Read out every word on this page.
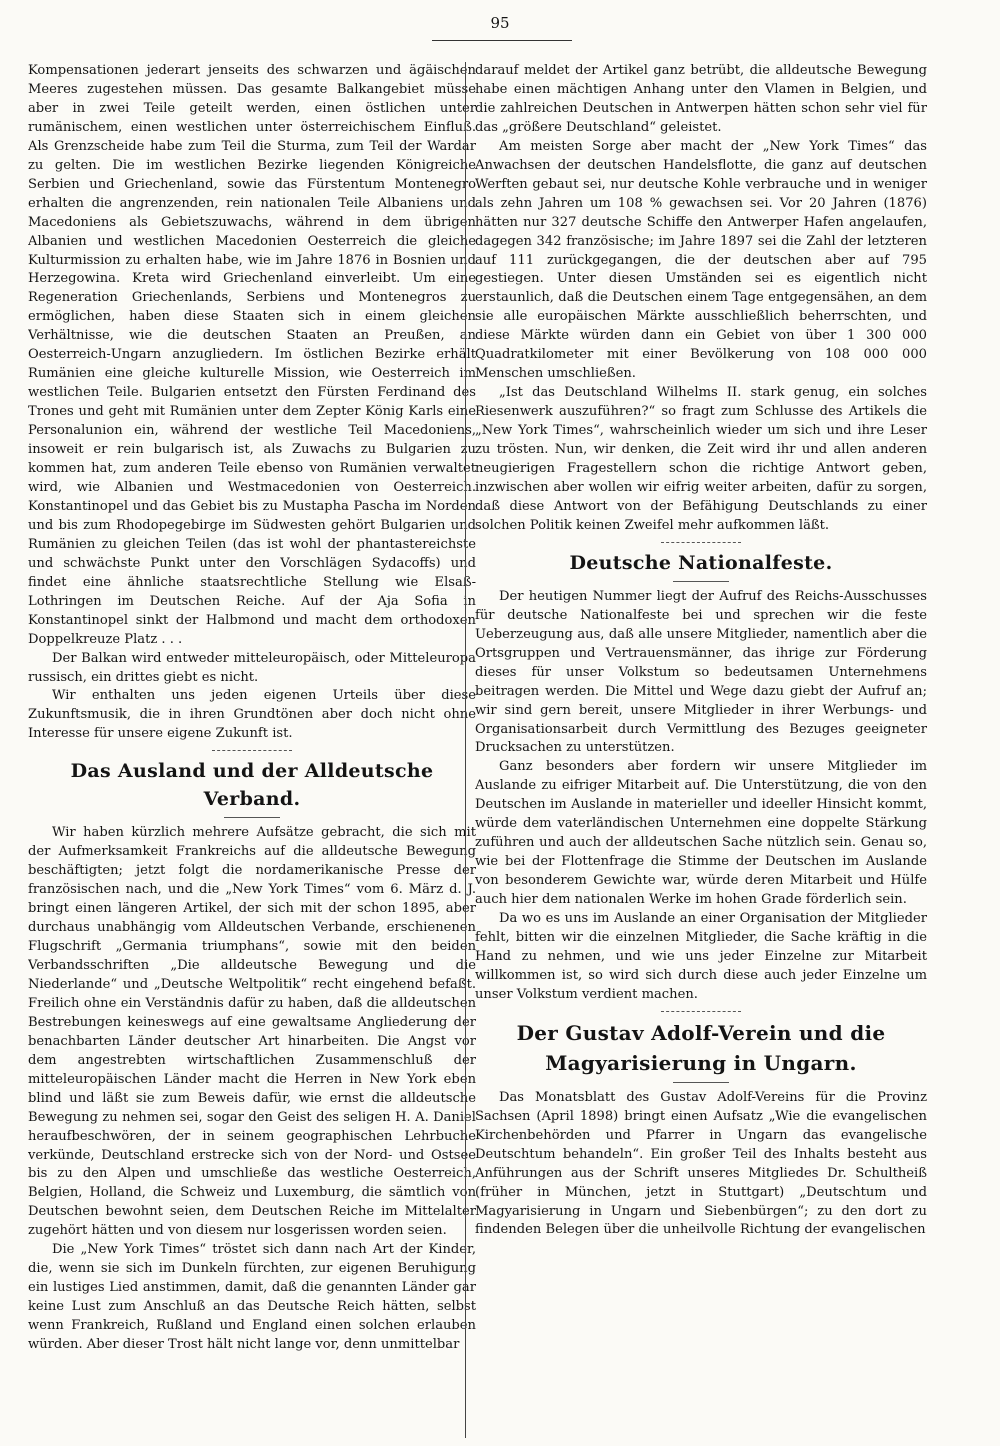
95

Kompensationen jederart jenseits des schwarzen und ägäischen Meeres zugestehen müssen. Das gesamte Balkangebiet müsse aber in zwei Teile geteilt werden, einen östlichen unter rumänischem, einen westlichen unter österreichischem Einfluß. Als Grenzscheide habe zum Teil die Sturma, zum Teil der Wardar zu gelten. Die im westlichen Bezirke liegenden Königreiche Serbien und Griechenland, sowie das Fürstentum Montenegro erhalten die angrenzenden, rein nationalen Teile Albaniens und Macedoniens als Gebietszuwachs, während in dem übrigen Albanien und westlichen Macedonien Oesterreich die gleiche Kulturmission zu erhalten habe, wie im Jahre 1876 in Bosnien und Herzegowina. Kreta wird Griechenland einverleibt. Um eine Regeneration Griechenlands, Serbiens und Montenegros zu ermöglichen, haben diese Staaten sich in einem gleichen Verhältnisse, wie die deutschen Staaten an Preußen, an Oesterreich-Ungarn anzugliedern. Im östlichen Bezirke erhält Rumänien eine gleiche kulturelle Mission, wie Oesterreich im westlichen Teile. Bulgarien entsetzt den Fürsten Ferdinand des Trones und geht mit Rumänien unter dem Zepter König Karls eine Personalunion ein, während der westliche Teil Macedoniens, insoweit er rein bulgarisch ist, als Zuwachs zu Bulgarien zu kommen hat, zum anderen Teile ebenso von Rumänien verwaltet wird, wie Albanien und Westmacedonien von Oesterreich. Konstantinopel und das Gebiet bis zu Mustapha Pascha im Norden und bis zum Rhodopegebirge im Südwesten gehört Bulgarien und Rumänien zu gleichen Teilen (das ist wohl der phantastereichste und schwächste Punkt unter den Vorschlägen Sydacoffs) und findet eine ähnliche staatsrechtliche Stellung wie Elsaß-Lothringen im Deutschen Reiche. Auf der Aja Sofia in Konstantinopel sinkt der Halbmond und macht dem orthodoxen Doppelkreuze Platz . . .

Der Balkan wird entweder mitteleuropäisch, oder Mitteleuropa russisch, ein drittes giebt es nicht.

Wir enthalten uns jeden eigenen Urteils über diese Zukunftsmusik, die in ihren Grundtönen aber doch nicht ohne Interesse für unsere eigene Zukunft ist.

Das Ausland und der Alldeutsche Verband.

Wir haben kürzlich mehrere Aufsätze gebracht, die sich mit der Aufmerksamkeit Frankreichs auf die alldeutsche Bewegung beschäftigten; jetzt folgt die nordamerikanische Presse der französischen nach, und die „New York Times“ vom 6. März d. J. bringt einen längeren Artikel, der sich mit der schon 1895, aber durchaus unabhängig vom Alldeutschen Verbande, erschienenen Flugschrift „Germania triumphans“, sowie mit den beiden Verbandsschriften „Die alldeutsche Bewegung und die Niederlande“ und „Deutsche Weltpolitik“ recht eingehend befaßt. Freilich ohne ein Verständnis dafür zu haben, daß die alldeutschen Bestrebungen keineswegs auf eine gewaltsame Angliederung der benachbarten Länder deutscher Art hinarbeiten. Die Angst vor dem angestrebten wirtschaftlichen Zusammenschluß der mitteleuropäischen Länder macht die Herren in New York eben blind und läßt sie zum Beweis dafür, wie ernst die alldeutsche Bewegung zu nehmen sei, sogar den Geist des seligen H. A. Daniel heraufbeschwören, der in seinem geographischen Lehrbuche verkünde, Deutschland erstrecke sich von der Nord- und Ostsee bis zu den Alpen und umschließe das westliche Oesterreich, Belgien, Holland, die Schweiz und Luxemburg, die sämtlich von Deutschen bewohnt seien, dem Deutschen Reiche im Mittelalter zugehört hätten und von diesem nur losgerissen worden seien.

Die „New York Times“ tröstet sich dann nach Art der Kinder, die, wenn sie sich im Dunkeln fürchten, zur eigenen Beruhigung ein lustiges Lied anstimmen, damit, daß die genannten Länder gar keine Lust zum Anschluß an das Deutsche Reich hätten, selbst wenn Frankreich, Rußland und England einen solchen erlauben würden. Aber dieser Trost hält nicht lange vor, denn unmittelbar

darauf meldet der Artikel ganz betrübt, die alldeutsche Bewegung habe einen mächtigen Anhang unter den Vlamen in Belgien, und die zahlreichen Deutschen in Antwerpen hätten schon sehr viel für das „größere Deutschland“ geleistet.

Am meisten Sorge aber macht der „New York Times“ das Anwachsen der deutschen Handelsflotte, die ganz auf deutschen Werften gebaut sei, nur deutsche Kohle verbrauche und in weniger als zehn Jahren um 108 % gewachsen sei. Vor 20 Jahren (1876) hätten nur 327 deutsche Schiffe den Antwerper Hafen angelaufen, dagegen 342 französische; im Jahre 1897 sei die Zahl der letzteren auf 111 zurückgegangen, die der deutschen aber auf 795 gestiegen. Unter diesen Umständen sei es eigentlich nicht erstaunlich, daß die Deutschen einem Tage entgegensähen, an dem sie alle europäischen Märkte ausschließlich beherrschten, und diese Märkte würden dann ein Gebiet von über 1 300 000 Quadratkilometer mit einer Bevölkerung von 108 000 000 Menschen umschließen.

„Ist das Deutschland Wilhelms II. stark genug, ein solches Riesenwerk auszuführen?“ so fragt zum Schlusse des Artikels die „New York Times“, wahrscheinlich wieder um sich und ihre Leser zu trösten. Nun, wir denken, die Zeit wird ihr und allen anderen neugierigen Fragestellern schon die richtige Antwort geben, inzwischen aber wollen wir eifrig weiter arbeiten, dafür zu sorgen, daß diese Antwort von der Befähigung Deutschlands zu einer solchen Politik keinen Zweifel mehr aufkommen läßt.

Deutsche Nationalfeste.

Der heutigen Nummer liegt der Aufruf des Reichs-Ausschusses für deutsche Nationalfeste bei und sprechen wir die feste Ueberzeugung aus, daß alle unsere Mitglieder, namentlich aber die Ortsgruppen und Vertrauensmänner, das ihrige zur Förderung dieses für unser Volkstum so bedeutsamen Unternehmens beitragen werden. Die Mittel und Wege dazu giebt der Aufruf an; wir sind gern bereit, unsere Mitglieder in ihrer Werbungs- und Organisationsarbeit durch Vermittlung des Bezuges geeigneter Drucksachen zu unterstützen.

Ganz besonders aber fordern wir unsere Mitglieder im Auslande zu eifriger Mitarbeit auf. Die Unterstützung, die von den Deutschen im Auslande in materieller und ideeller Hinsicht kommt, würde dem vaterländischen Unternehmen eine doppelte Stärkung zuführen und auch der alldeutschen Sache nützlich sein. Genau so, wie bei der Flottenfrage die Stimme der Deutschen im Auslande von besonderem Gewichte war, würde deren Mitarbeit und Hülfe auch hier dem nationalen Werke im hohen Grade förderlich sein.

Da wo es uns im Auslande an einer Organisation der Mitglieder fehlt, bitten wir die einzelnen Mitglieder, die Sache kräftig in die Hand zu nehmen, und wie uns jeder Einzelne zur Mitarbeit willkommen ist, so wird sich durch diese auch jeder Einzelne um unser Volkstum verdient machen.

Der Gustav Adolf-Verein und die Magyarisierung in Ungarn.

Das Monatsblatt des Gustav Adolf-Vereins für die Provinz Sachsen (April 1898) bringt einen Aufsatz „Wie die evangelischen Kirchenbehörden und Pfarrer in Ungarn das evangelische Deutschtum behandeln“. Ein großer Teil des Inhalts besteht aus Anführungen aus der Schrift unseres Mitgliedes Dr. Schultheiß (früher in München, jetzt in Stuttgart) „Deutschtum und Magyarisierung in Ungarn und Siebenbürgen“; zu den dort zu findenden Belegen über die unheilvolle Richtung der evangelischen
